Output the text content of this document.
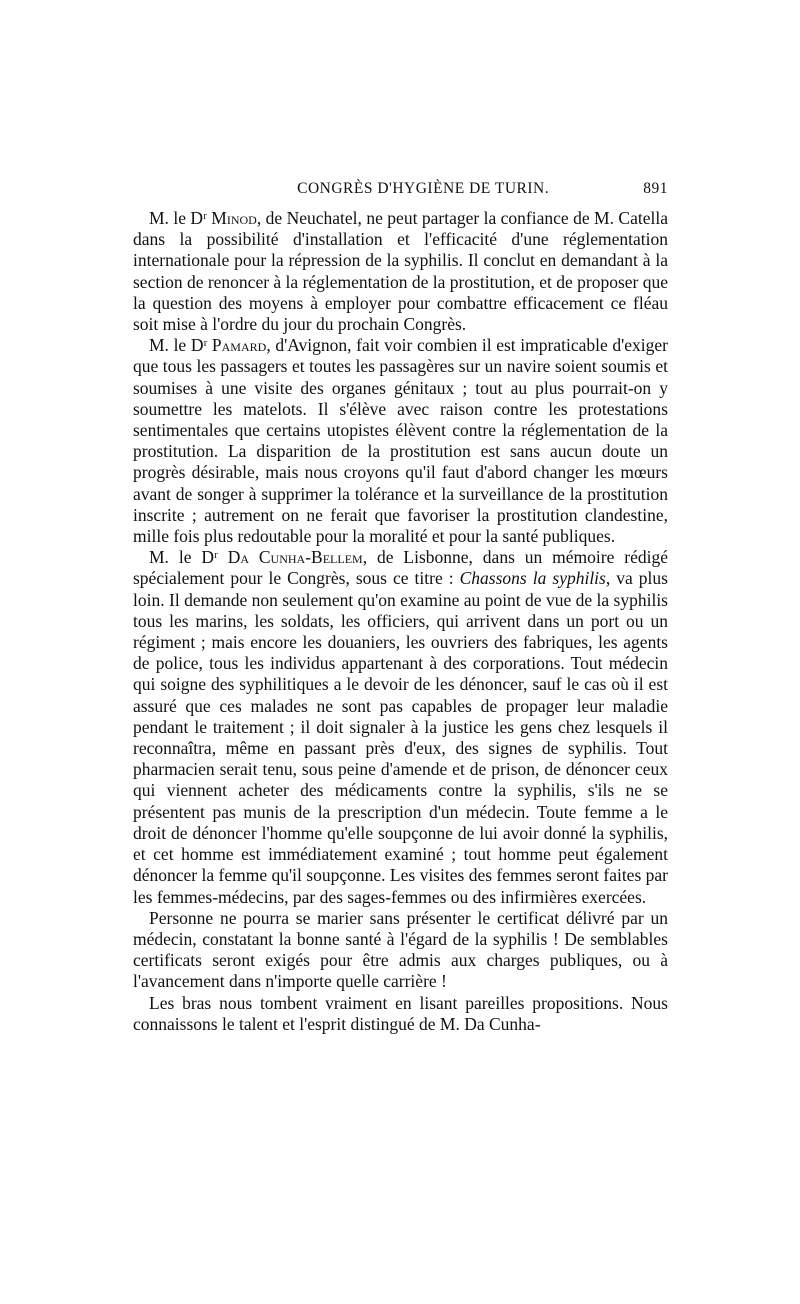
CONGRÈS D'HYGIÈNE DE TURIN.	891

M. le Dʳ Minod, de Neuchatel, ne peut partager la confiance de M. Catella dans la possibilité d'installation et l'efficacité d'une réglementation internationale pour la répression de la syphilis. Il conclut en demandant à la section de renoncer à la réglementation de la prostitution, et de proposer que la question des moyens à employer pour combattre efficacement ce fléau soit mise à l'ordre du jour du prochain Congrès.

M. le Dʳ Pamard, d'Avignon, fait voir combien il est impraticable d'exiger que tous les passagers et toutes les passagères sur un navire soient soumis et soumises à une visite des organes génitaux ; tout au plus pourrait-on y soumettre les matelots. Il s'élève avec raison contre les protestations sentimentales que certains utopistes élèvent contre la réglementation de la prostitution. La disparition de la prostitution est sans aucun doute un progrès désirable, mais nous croyons qu'il faut d'abord changer les mœurs avant de songer à supprimer la tolérance et la surveillance de la prostitution inscrite ; autrement on ne ferait que favoriser la prostitution clandestine, mille fois plus redoutable pour la moralité et pour la santé publiques.

M. le Dʳ Da Cunha-Bellem, de Lisbonne, dans un mémoire rédigé spécialement pour le Congrès, sous ce titre : Chassons la syphilis, va plus loin. Il demande non seulement qu'on examine au point de vue de la syphilis tous les marins, les soldats, les officiers, qui arrivent dans un port ou un régiment ; mais encore les douaniers, les ouvriers des fabriques, les agents de police, tous les individus appartenant à des corporations. Tout médecin qui soigne des syphilitiques a le devoir de les dénoncer, sauf le cas où il est assuré que ces malades ne sont pas capables de propager leur maladie pendant le traitement ; il doit signaler à la justice les gens chez lesquels il reconnaîtra, même en passant près d'eux, des signes de syphilis. Tout pharmacien serait tenu, sous peine d'amende et de prison, de dénoncer ceux qui viennent acheter des médicaments contre la syphilis, s'ils ne se présentent pas munis de la prescription d'un médecin. Toute femme a le droit de dénoncer l'homme qu'elle soupçonne de lui avoir donné la syphilis, et cet homme est immédiatement examiné ; tout homme peut également dénoncer la femme qu'il soupçonne. Les visites des femmes seront faites par les femmes-médecins, par des sages-femmes ou des infirmières exercées.

Personne ne pourra se marier sans présenter le certificat délivré par un médecin, constatant la bonne santé à l'égard de la syphilis ! De semblables certificats seront exigés pour être admis aux charges publiques, ou à l'avancement dans n'importe quelle carrière !

Les bras nous tombent vraiment en lisant pareilles propositions. Nous connaissons le talent et l'esprit distingué de M. Da Cunha-
